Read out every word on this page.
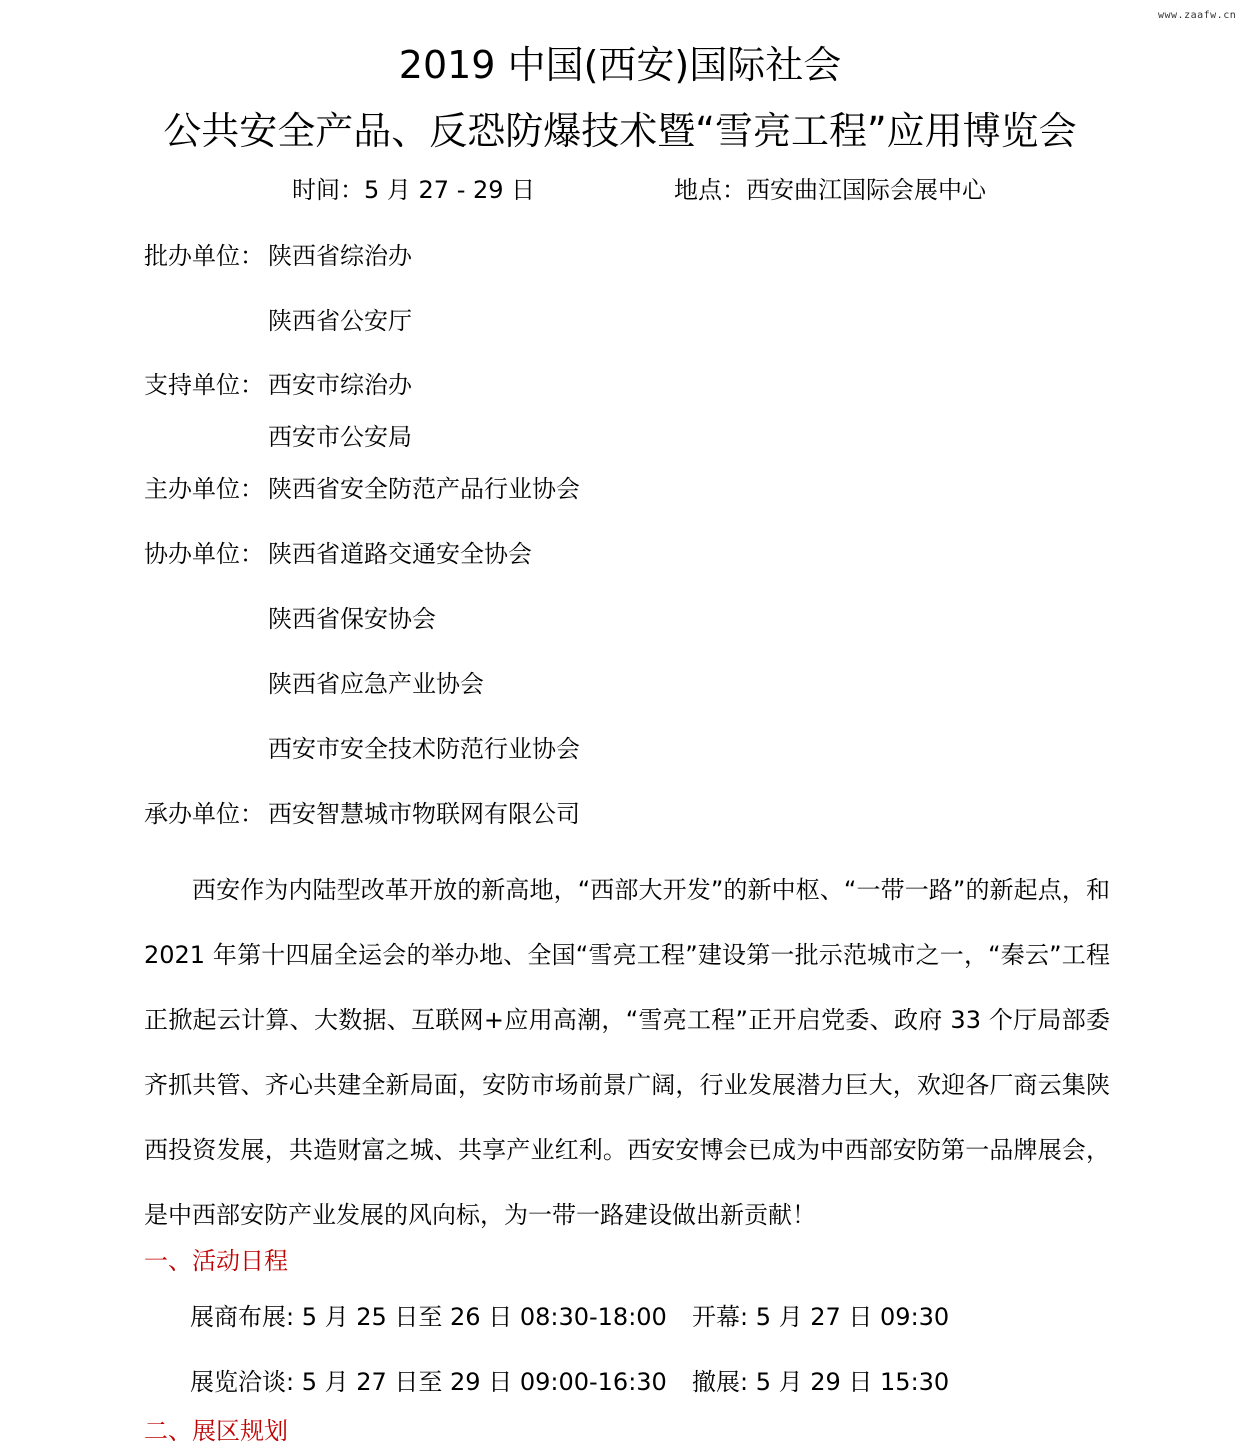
www.zaafw.cn
2019 中国(西安)国际社会
公共安全产品、反恐防爆技术暨“雪亮工程”应用博览会
时间：5 月 27 - 29 日	地点：西安曲江国际会展中心
批办单位： 陕西省综治办
陕西省公安厅
支持单位： 西安市综治办
西安市公安局
主办单位： 陕西省安全防范产品行业协会
协办单位： 陕西省道路交通安全协会
陕西省保安协会
陕西省应急产业协会
西安市安全技术防范行业协会
承办单位： 西安智慧城市物联网有限公司
西安作为内陆型改革开放的新高地，“西部大开发”的新中枢、“一带一路”的新起点，和 2021 年第十四届全运会的举办地、全国“雪亮工程”建设第一批示范城市之一，“秦云”工程正掀起云计算、大数据、互联网+应用高潮，“雪亮工程”正开启党委、政府 33 个厅局部委齐抓共管、齐心共建全新局面，安防市场前景广阔，行业发展潜力巨大，欢迎各厂商云集陕西投资发展，共造财富之城、共享产业红利。西安安博会已成为中西部安防第一品牌展会，是中西部安防产业发展的风向标，为一带一路建设做出新贡献！
一、活动日程
展商布展: 5 月 25 日至 26 日 08:30-18:00 开幕: 5 月 27 日 09:30
展览洽谈: 5 月 27 日至 29 日 09:00-16:30 撤展: 5 月 29 日 15:30
二、展区规划
